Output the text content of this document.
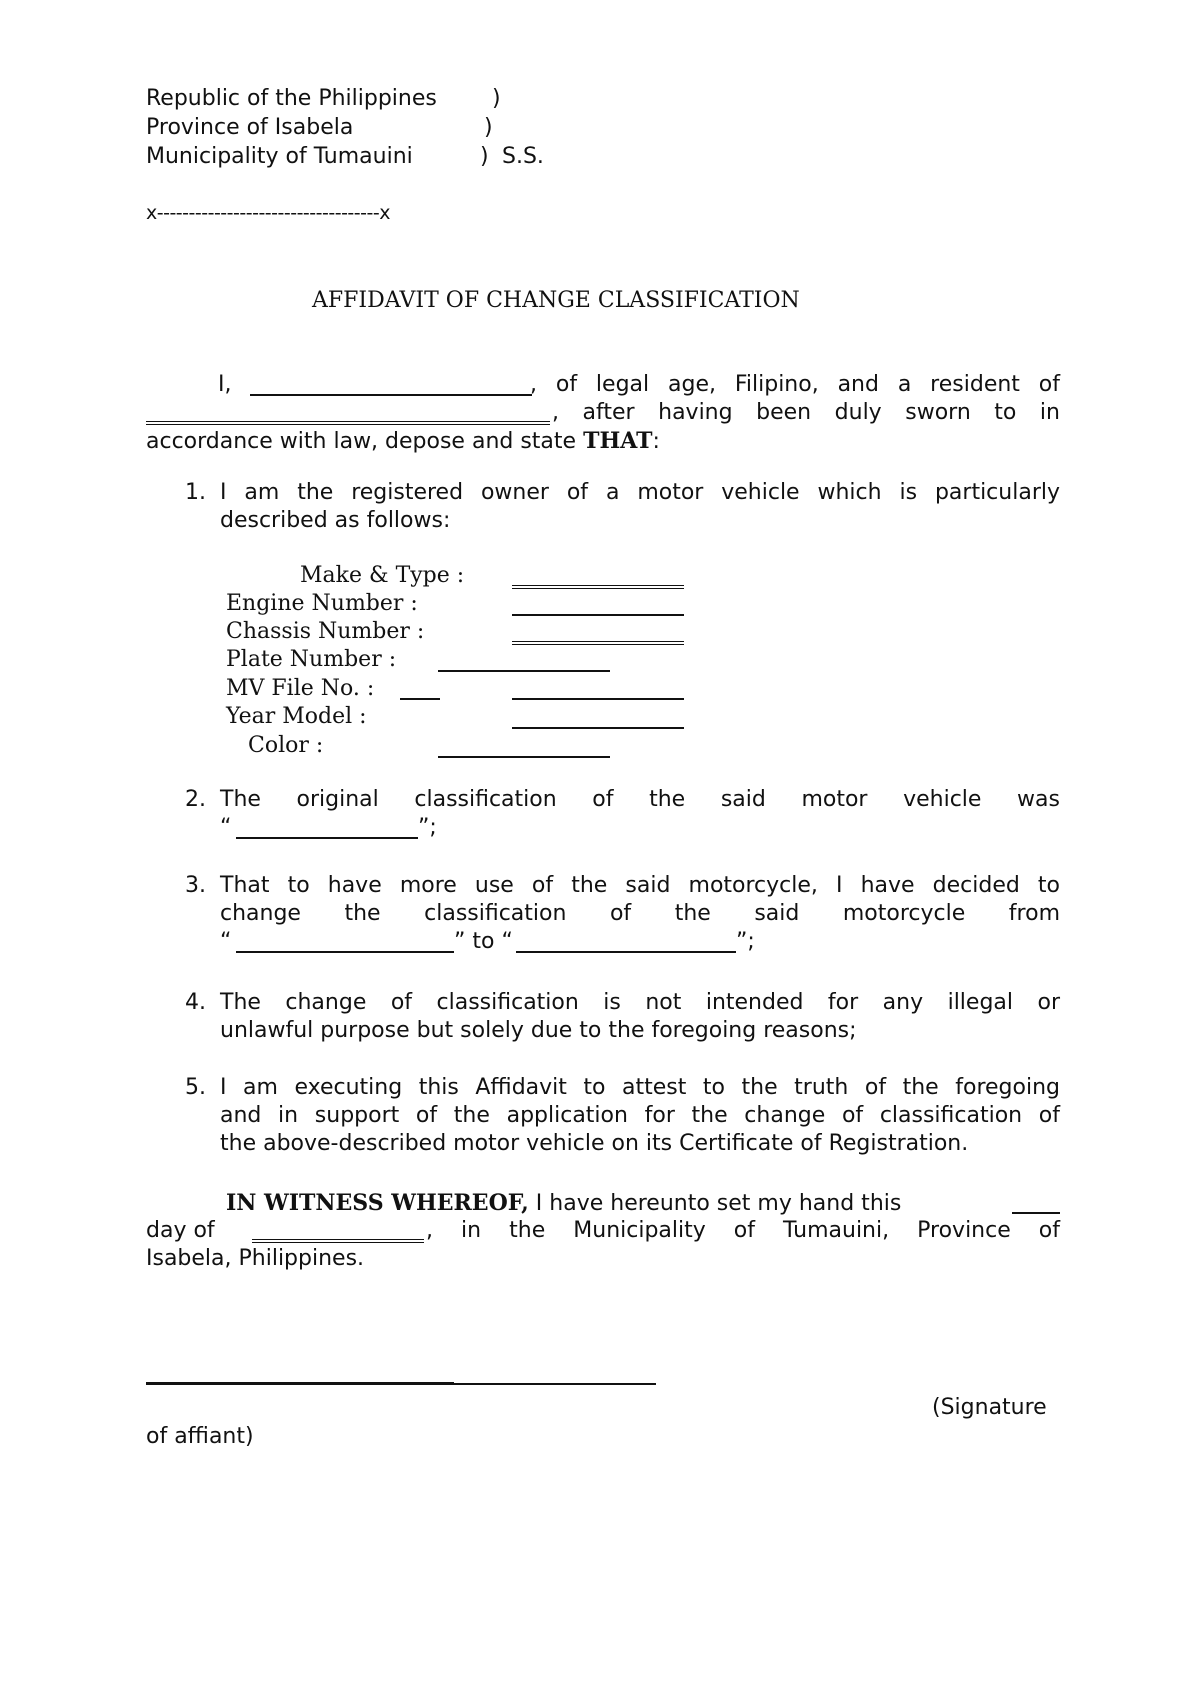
Republic of the Philippines	)
Province of Isabela	)
Municipality of Tumauini	) S.S.
x-----------------------------------x
AFFIDAVIT OF CHANGE CLASSIFICATION
I,	, of legal age, Filipino, and a resident of
, after having been duly sworn to in
accordance with law, depose and state THAT:
1. I am the registered owner of a motor vehicle which is particularly
described as follows:
Make & Type :
Engine Number :
Chassis Number :
Plate Number :
MV File No. :
Year Model :
Color :
2. The original classification of the said motor vehicle was
“	”;
3. That to have more use of the said motorcycle, I have decided to
change the classification of the said motorcycle from
“	” to “	”;
4. The change of classification is not intended for any illegal or
unlawful purpose but solely due to the foregoing reasons;
5. I am executing this Affidavit to attest to the truth of the foregoing
and in support of the application for the change of classification of
the above-described motor vehicle on its Certificate of Registration.
IN WITNESS WHEREOF, I have hereunto set my hand this
day of	, in the Municipality of Tumauini, Province of
Isabela, Philippines.
(Signature
of affiant)
